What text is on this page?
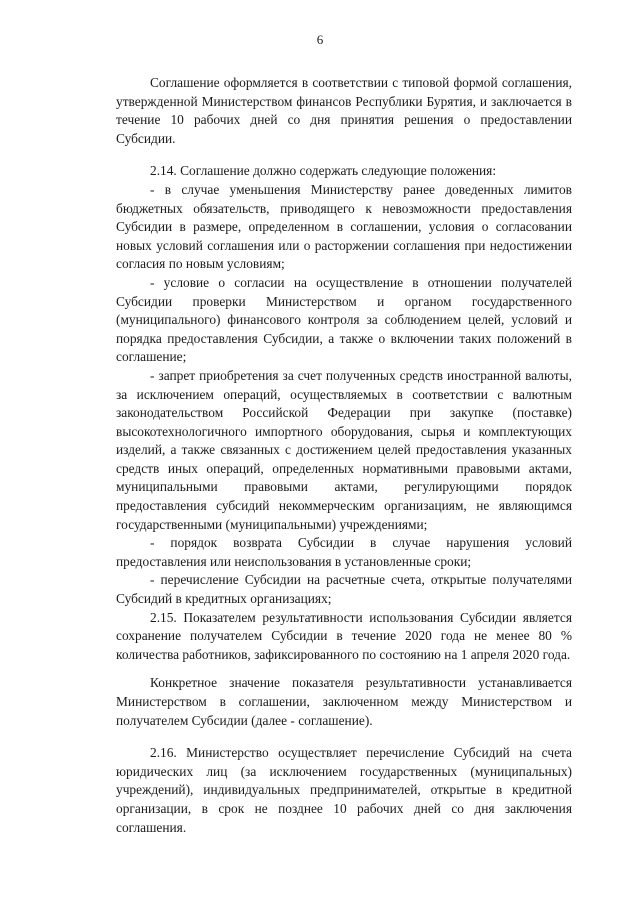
6

Соглашение оформляется в соответствии с типовой формой соглашения, утвержденной Министерством финансов Республики Бурятия, и заключается в течение 10 рабочих дней со дня принятия решения о предоставлении Субсидии.

2.14. Соглашение должно содержать следующие положения:

- в случае уменьшения Министерству ранее доведенных лимитов бюджетных обязательств, приводящего к невозможности предоставления Субсидии в размере, определенном в соглашении, условия о согласовании новых условий соглашения или о расторжении соглашения при недостижении согласия по новым условиям;

- условие о согласии на осуществление в отношении получателей Субсидии проверки Министерством и органом государственного (муниципального) финансового контроля за соблюдением целей, условий и порядка предоставления Субсидии, а также о включении таких положений в соглашение;

- запрет приобретения за счет полученных средств иностранной валюты, за исключением операций, осуществляемых в соответствии с валютным законодательством Российской Федерации при закупке (поставке) высокотехнологичного импортного оборудования, сырья и комплектующих изделий, а также связанных с достижением целей предоставления указанных средств иных операций, определенных нормативными правовыми актами, муниципальными правовыми актами, регулирующими порядок предоставления субсидий некоммерческим организациям, не являющимся государственными (муниципальными) учреждениями;

- порядок возврата Субсидии в случае нарушения условий предоставления или неиспользования в установленные сроки;

- перечисление Субсидии на расчетные счета, открытые получателями Субсидий в кредитных организациях;

2.15. Показателем результативности использования Субсидии является сохранение получателем Субсидии в течение 2020 года не менее 80 % количества работников, зафиксированного по состоянию на 1 апреля 2020 года.

Конкретное значение показателя результативности устанавливается Министерством в соглашении, заключенном между Министерством и получателем Субсидии (далее - соглашение).

2.16. Министерство осуществляет перечисление Субсидий на счета юридических лиц (за исключением государственных (муниципальных) учреждений), индивидуальных предпринимателей, открытые в кредитной организации, в срок не позднее 10 рабочих дней со дня заключения соглашения.
